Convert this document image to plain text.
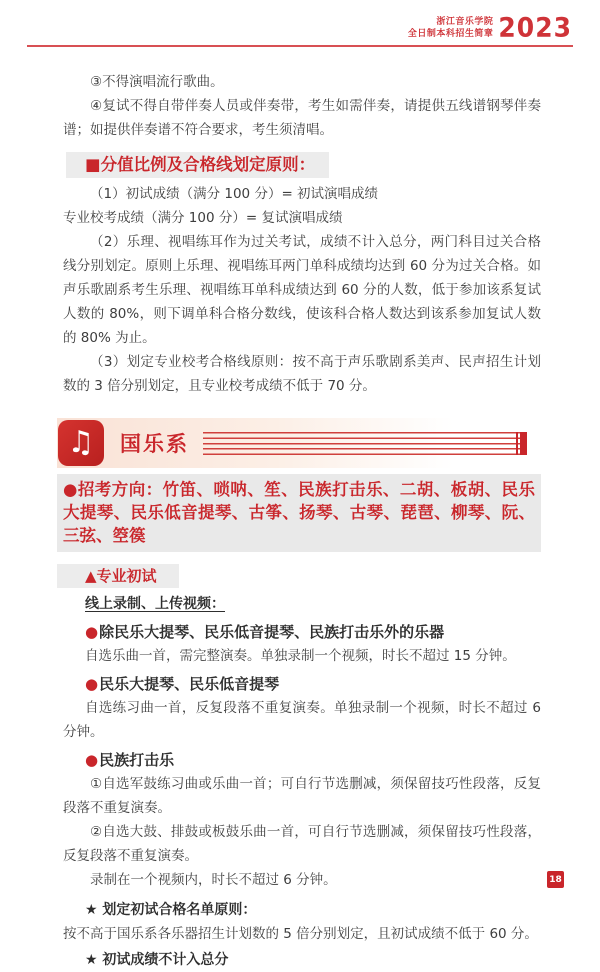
浙江音乐学院
全日制本科招生简章 2023

③不得演唱流行歌曲。

④复试不得自带伴奏人员或伴奏带，考生如需伴奏，请提供五线谱钢琴伴奏谱；如提供伴奏谱不符合要求，考生须清唱。

■分值比例及合格线划定原则：

（1）初试成绩（满分 100 分）= 初试演唱成绩

专业校考成绩（满分 100 分）= 复试演唱成绩

（2）乐理、视唱练耳作为过关考试，成绩不计入总分，两门科目过关合格线分别划定。原则上乐理、视唱练耳两门单科成绩均达到 60 分为过关合格。如声乐歌剧系考生乐理、视唱练耳单科成绩达到 60 分的人数，低于参加该系复试人数的 80%，则下调单科合格分数线，使该科合格人数达到该系参加复试人数的 80% 为止。

（3）划定专业校考合格线原则：按不高于声乐歌剧系美声、民声招生计划数的 3 倍分别划定，且专业校考成绩不低于 70 分。

♫	国乐系
●招考方向：竹笛、唢呐、笙、民族打击乐、二胡、板胡、民乐大提琴、民乐低音提琴、古筝、扬琴、古琴、琵琶、柳琴、阮、三弦、箜篌
▲专业初试

线上录制、上传视频：

●除民乐大提琴、民乐低音提琴、民族打击乐外的乐器

自选乐曲一首，需完整演奏。单独录制一个视频，时长不超过 15 分钟。

●民乐大提琴、民乐低音提琴

自选练习曲一首，反复段落不重复演奏。单独录制一个视频，时长不超过 6 分钟。

●民族打击乐

①自选军鼓练习曲或乐曲一首；可自行节选删减，须保留技巧性段落，反复段落不重复演奏。

②自选大鼓、排鼓或板鼓乐曲一首，可自行节选删减，须保留技巧性段落，反复段落不重复演奏。

录制在一个视频内，时长不超过 6 分钟。

★ 划定初试合格名单原则：

按不高于国乐系各乐器招生计划数的 5 倍分别划定，且初试成绩不低于 60 分。

★ 初试成绩不计入总分

18
